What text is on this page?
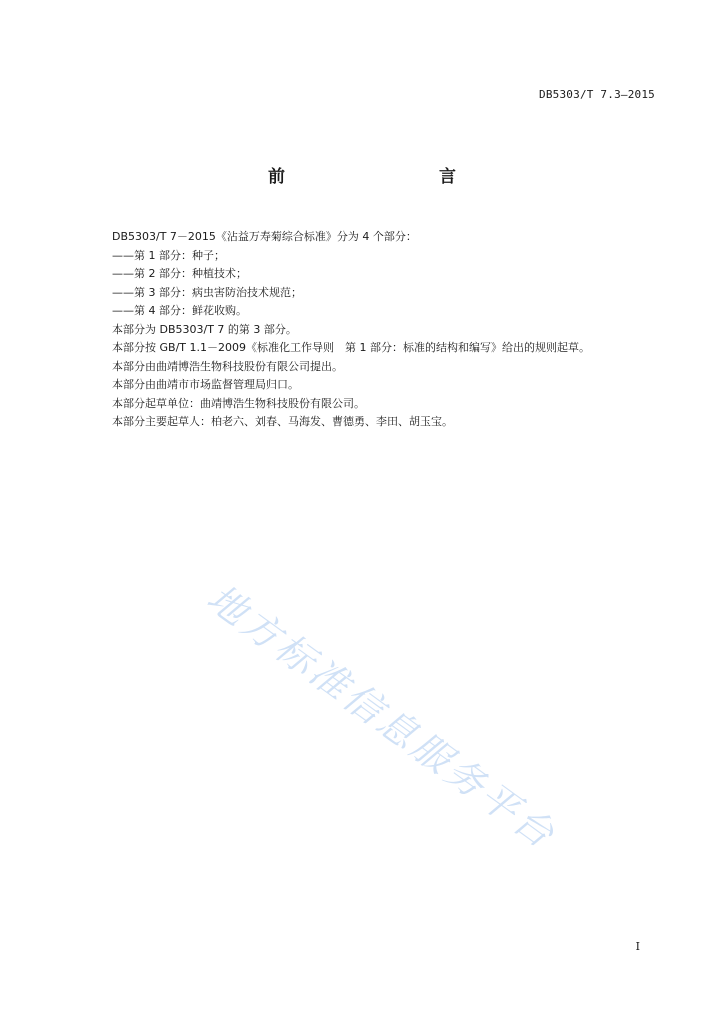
DB5303/T 7.3—2015
前　　言

DB5303/T 7－2015《沾益万寿菊综合标准》分为 4 个部分：

——第 1 部分：种子；

——第 2 部分：种植技术；

——第 3 部分：病虫害防治技术规范；

——第 4 部分：鲜花收购。

本部分为 DB5303/T 7 的第 3 部分。

本部分按 GB/T 1.1－2009《标准化工作导则　第 1 部分：标准的结构和编写》给出的规则起草。

本部分由曲靖博浩生物科技股份有限公司提出。

本部分由曲靖市市场监督管理局归口。

本部分起草单位：曲靖博浩生物科技股份有限公司。

本部分主要起草人：柏老六、刘春、马海发、曹德勇、李田、胡玉宝。

地方标准信息服务平台
I
